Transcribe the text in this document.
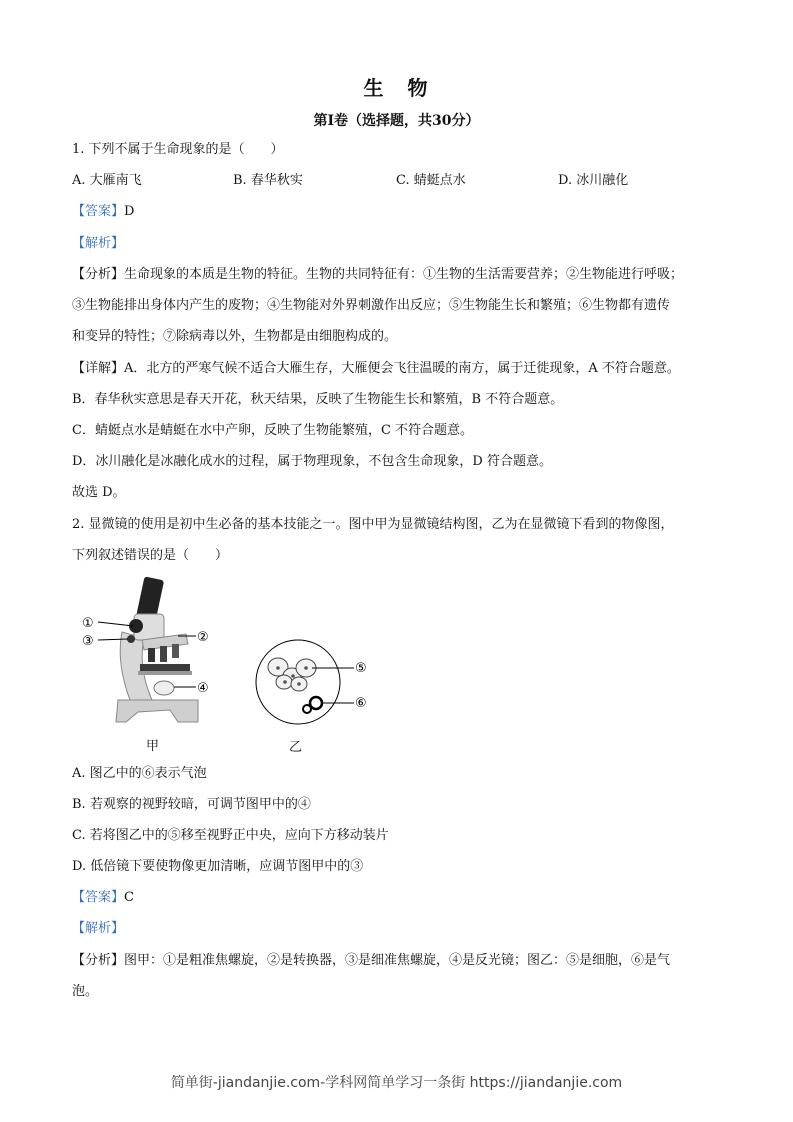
生　物
第Ⅰ卷（选择题，共30分）
1. 下列不属于生命现象的是（　　）
A. 大雁南飞	B. 春华秋实	C. 蜻蜓点水	D. 冰川融化
【答案】D
【解析】
【分析】生命现象的本质是生物的特征。生物的共同特征有：①生物的生活需要营养；②生物能进行呼吸；
③生物能排出身体内产生的废物；④生物能对外界刺激作出反应；⑤生物能生长和繁殖；⑥生物都有遗传
和变异的特性；⑦除病毒以外，生物都是由细胞构成的。
【详解】A．北方的严寒气候不适合大雁生存，大雁便会飞往温暖的南方，属于迁徙现象，A 不符合题意。
B．春华秋实意思是春天开花，秋天结果，反映了生物能生长和繁殖，B 不符合题意。
C．蜻蜓点水是蜻蜓在水中产卵，反映了生物能繁殖，C 不符合题意。
D．冰川融化是冰融化成水的过程，属于物理现象，不包含生命现象，D 符合题意。
故选 D。
2. 显微镜的使用是初中生必备的基本技能之一。图中甲为显微镜结构图，乙为在显微镜下看到的物像图，
下列叙述错误的是（　　）
①
③	②
④
⑤
⑥
甲	乙
A. 图乙中的⑥表示气泡
B. 若观察的视野较暗，可调节图甲中的④
C. 若将图乙中的⑤移至视野正中央，应向下方移动装片
D. 低倍镜下要使物像更加清晰，应调节图甲中的③
【答案】C
【解析】
【分析】图甲：①是粗准焦螺旋，②是转换器，③是细准焦螺旋，④是反光镜；图乙：⑤是细胞，⑥是气
泡。
简单街-jiandanjie.com-学科网简单学习一条街 https://jiandanjie.com
